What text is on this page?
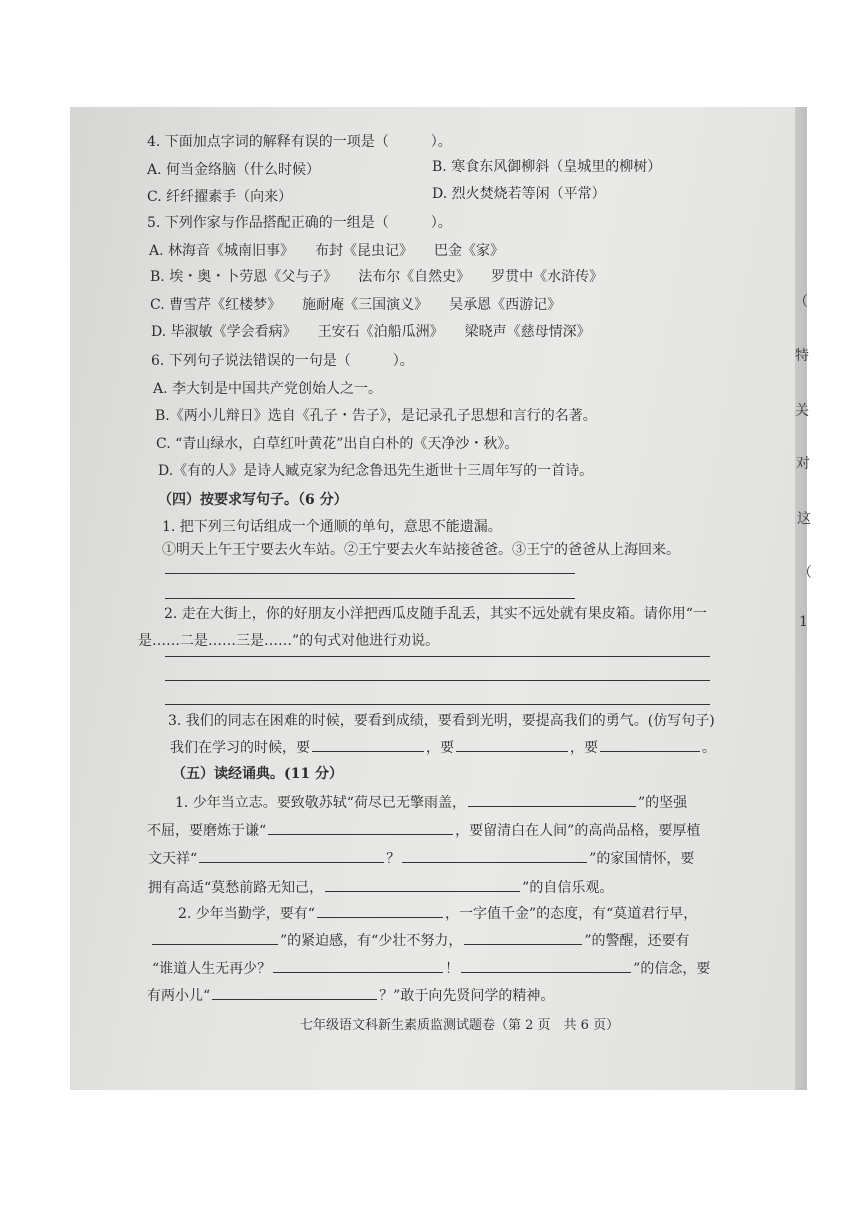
4. 下面加点字词的解释有误的一项是（　　　）。
A. 何当金络脑（什么时候）	B. 寒食东风御柳斜（皇城里的柳树）
C. 纤纤擢素手（向来）	D. 烈火焚烧若等闲（平常）
5. 下列作家与作品搭配正确的一组是（　　　）。
A. 林海音《城南旧事》　　布封《昆虫记》　　巴金《家》
B. 埃・奥・卜劳恩《父与子》　　法布尔《自然史》　　罗贯中《水浒传》
C. 曹雪芹《红楼梦》　　施耐庵《三国演义》　　吴承恩《西游记》
D. 毕淑敏《学会看病》　　王安石《泊船瓜洲》　　梁晓声《慈母情深》
6. 下列句子说法错误的一句是（　　　）。
A. 李大钊是中国共产党创始人之一。
B.《两小儿辩日》选自《孔子・告子》，是记录孔子思想和言行的名著。
C. “青山绿水，白草红叶黄花”出自白朴的《天净沙・秋》。
D.《有的人》是诗人臧克家为纪念鲁迅先生逝世十三周年写的一首诗。
（四）按要求写句子。（6 分）
1. 把下列三句话组成一个通顺的单句，意思不能遗漏。
①明天上午王宁要去火车站。②王宁要去火车站接爸爸。③王宁的爸爸从上海回来。
2. 走在大街上，你的好朋友小洋把西瓜皮随手乱丢，其实不远处就有果皮箱。请你用“一
是……二是……三是……”的句式对他进行劝说。
3. 我们的同志在困难的时候，要看到成绩，要看到光明，要提高我们的勇气。(仿写句子)
我们在学习的时候，要	，要	，要	。
（五）读经诵典。(11 分）
1. 少年当立志。要致敬苏轼“荷尽已无擎雨盖，	”的坚强
不屈，要磨炼于谦“	，要留清白在人间”的高尚品格，要厚植
文天祥“	？	”的家国情怀，要
拥有高适“莫愁前路无知己，	”的自信乐观。
2. 少年当勤学，要有“	，一字值千金”的态度，有“莫道君行早，
”的紧迫感，有“少壮不努力，	”的警醒，还要有
“谁道人生无再少？	！	”的信念，要
有两小儿“	？”敢于向先贤问学的精神。
七年级语文科新生素质监测试题卷（第 2 页　共 6 页）
（
特
关
对
这
（
1
